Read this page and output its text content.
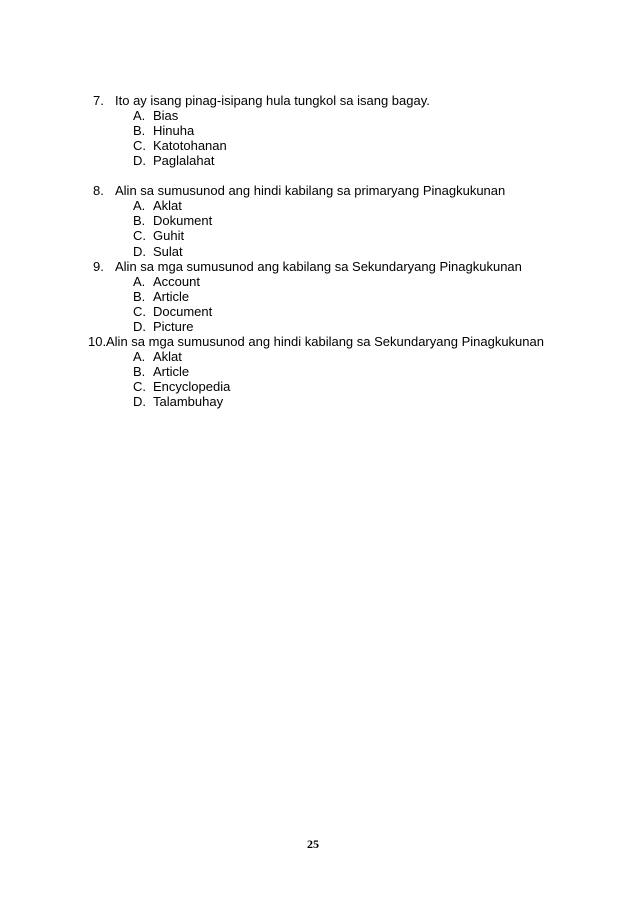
7. Ito ay isang pinag-isipang hula tungkol sa isang bagay.
A. Bias
B. Hinuha
C. Katotohanan
D. Paglalahat
8. Alin sa sumusunod ang hindi kabilang sa primaryang Pinagkukunan
A. Aklat
B. Dokument
C. Guhit
D. Sulat
9. Alin sa mga sumusunod ang kabilang sa Sekundaryang Pinagkukunan
A. Account
B. Article
C. Document
D. Picture
10.Alin sa mga sumusunod ang hindi kabilang sa Sekundaryang Pinagkukunan
A. Aklat
B. Article
C. Encyclopedia
D. Talambuhay
25
